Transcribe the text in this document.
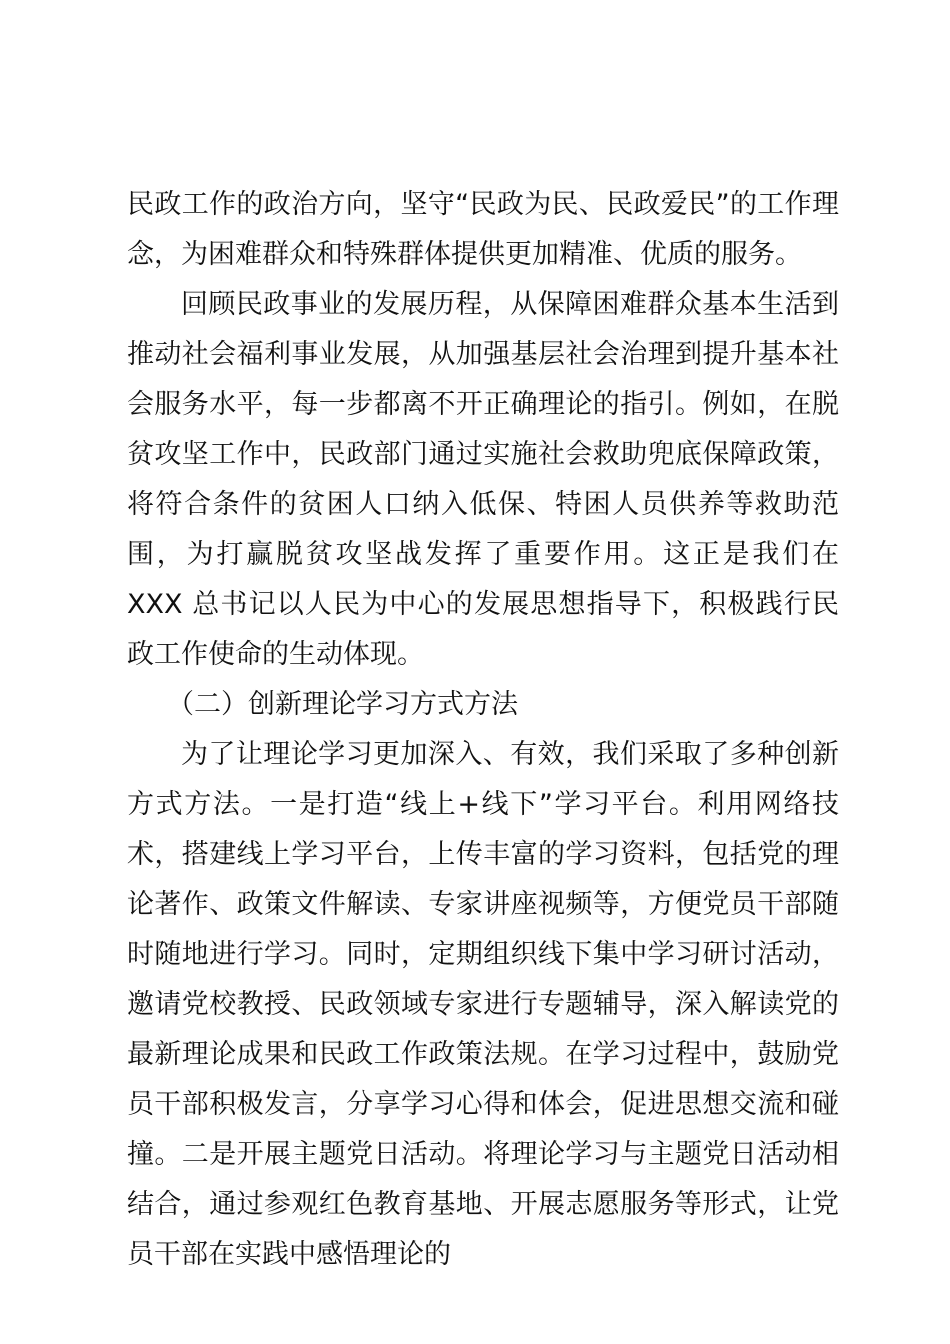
民政工作的政治方向，坚守“民政为民、民政爱民”的工作理念，为困难群众和特殊群体提供更加精准、优质的服务。

回顾民政事业的发展历程，从保障困难群众基本生活到推动社会福利事业发展，从加强基层社会治理到提升基本社会服务水平，每一步都离不开正确理论的指引。例如，在脱贫攻坚工作中，民政部门通过实施社会救助兜底保障政策，将符合条件的贫困人口纳入低保、特困人员供养等救助范围，为打赢脱贫攻坚战发挥了重要作用。这正是我们在 XXX 总书记以人民为中心的发展思想指导下，积极践行民政工作使命的生动体现。

（二）创新理论学习方式方法

为了让理论学习更加深入、有效，我们采取了多种创新方式方法。一是打造“线上+线下”学习平台。利用网络技术，搭建线上学习平台，上传丰富的学习资料，包括党的理论著作、政策文件解读、专家讲座视频等，方便党员干部随时随地进行学习。同时，定期组织线下集中学习研讨活动，邀请党校教授、民政领域专家进行专题辅导，深入解读党的最新理论成果和民政工作政策法规。在学习过程中，鼓励党员干部积极发言，分享学习心得和体会，促进思想交流和碰撞。二是开展主题党日活动。将理论学习与主题党日活动相结合，通过参观红色教育基地、开展志愿服务等形式，让党员干部在实践中感悟理论的
